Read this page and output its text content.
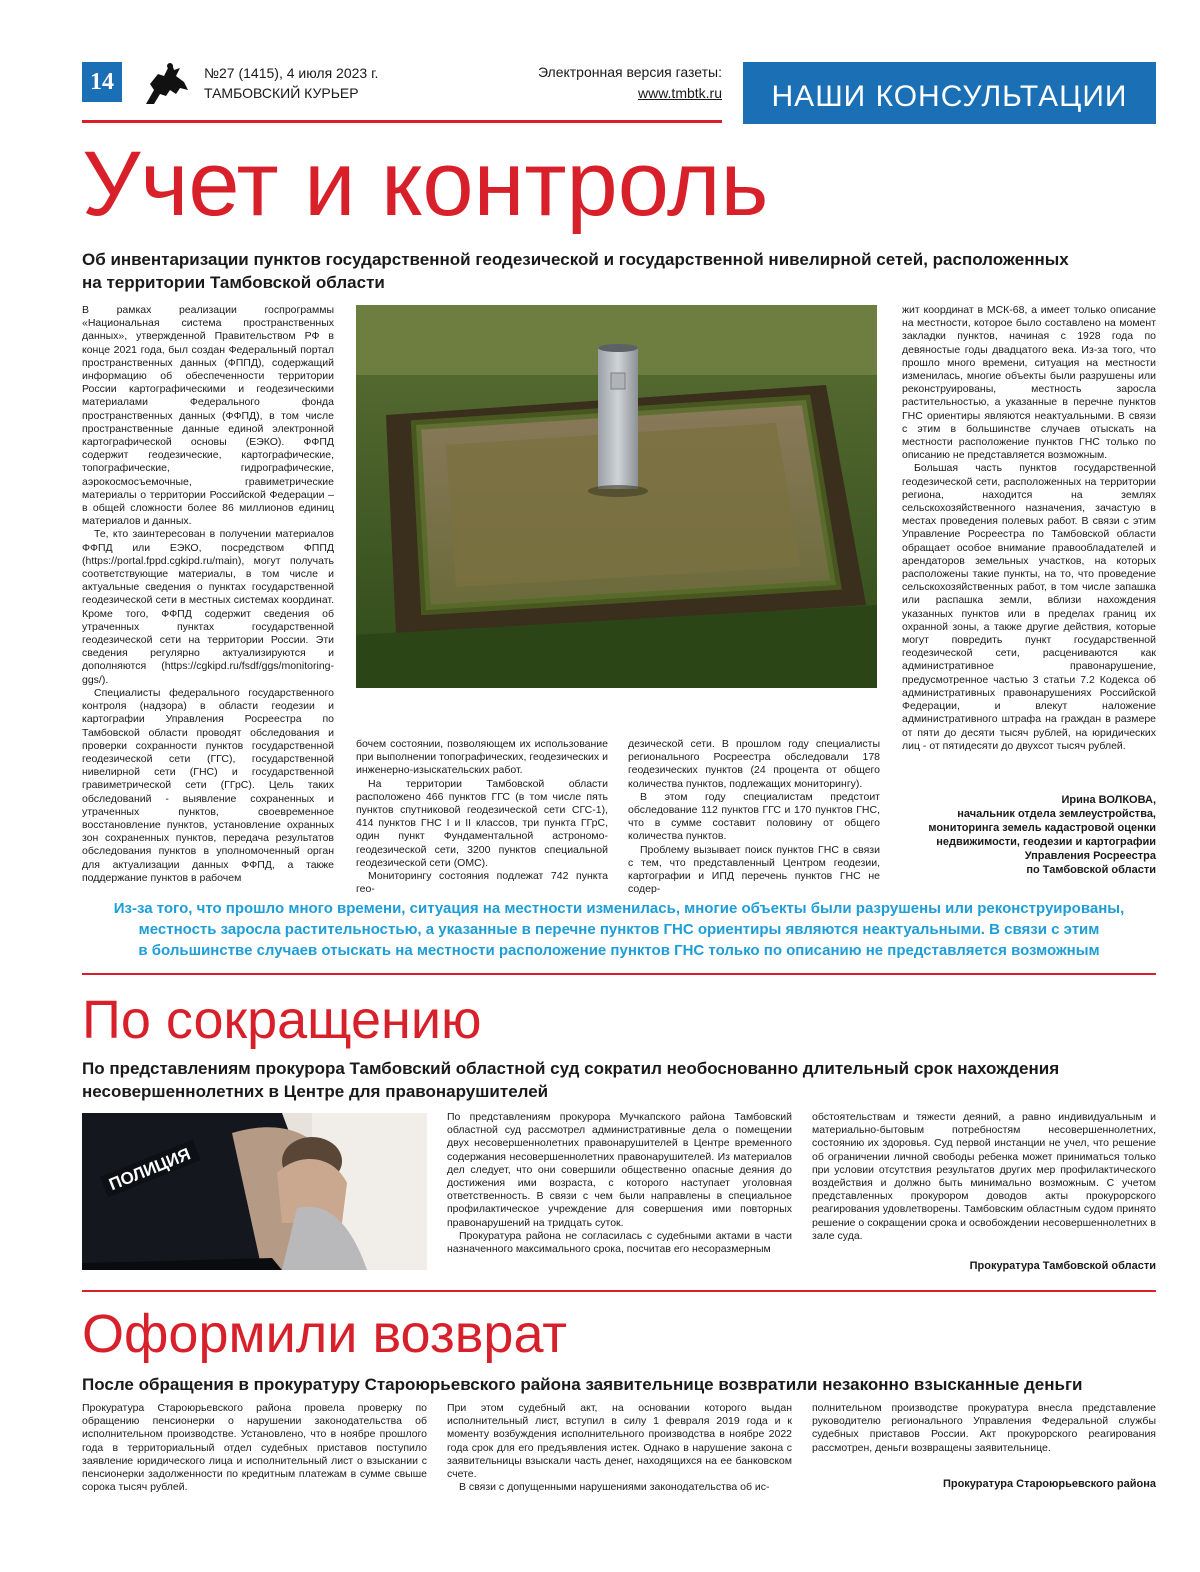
14	№27 (1415), 4 июля 2023 г.
ТАМБОВСКИЙ КУРЬЕР
Электронная версия газеты:
www.tmbtk.ru	НАШИ КОНСУЛЬТАЦИИ
Учет и контроль

Об инвентаризации пунктов государственной геодезической и государственной нивелирной сетей, расположенных

на территории Тамбовской области

В рамках реализации госпрограммы «Национальная система пространственных данных», утвержденной Правительством РФ в конце 2021 года, был создан Федеральный портал пространственных данных (ФППД), содержащий информацию об обеспеченности территории России картографическими и геодезическими материалами Федерального фонда пространственных данных (ФФПД), в том числе пространственные данные единой электронной картографической основы (ЕЭКО). ФФПД содержит геодезические, картографические, топографические, гидрографические, аэрокосмосъемочные, гравиметрические материалы о территории Российской Федерации – в общей сложности более 86 миллионов единиц материалов и данных.

Те, кто заинтересован в получении материалов ФФПД или ЕЭКО, посредством ФППД (https://portal.fppd.cgkipd.ru/main), могут получать соответствующие материалы, в том числе и актуальные сведения о пунктах государственной геодезической сети в местных системах координат. Кроме того, ФФПД содержит сведения об утраченных пунктах государственной геодезической сети на территории России. Эти сведения регулярно актуализируются и дополняются (https://cgkipd.ru/fsdf/ggs/monitoring-ggs/).

Специалисты федерального государственного контроля (надзора) в области геодезии и картографии Управления Росреестра по Тамбовской области проводят обследования и проверки сохранности пунктов государственной геодезической сети (ГГС), государственной нивелирной сети (ГНС) и государственной гравиметрической сети (ГГрС). Цель таких обследований - выявление сохраненных и утраченных пунктов, своевременное восстановление пунктов, установление охранных зон сохраненных пунктов, передача результатов обследования пунктов в уполномоченный орган для актуализации данных ФФПД, а также поддержание пунктов в рабочем

бочем состоянии, позволяющем их использование при выполнении топографических, геодезических и инженерно-изыскательских работ.

На территории Тамбовской области расположено 466 пунктов ГГС (в том числе пять пунктов спутниковой геодезической сети СГС-1), 414 пунктов ГНС I и II классов, три пункта ГГрС, один пункт Фундаментальной астрономо-геодезической сети, 3200 пунктов специальной геодезической сети (ОМС).

Мониторингу состояния подлежат 742 пункта гео-

дезической сети. В прошлом году специалисты регионального Росреестра обследовали 178 геодезических пунктов (24 процента от общего количества пунктов, подлежащих мониторингу).

В этом году специалистам предстоит обследование 112 пунктов ГГС и 170 пунктов ГНС, что в сумме составит половину от общего количества пунктов.

Проблему вызывает поиск пунктов ГНС в связи с тем, что представленный Центром геодезии, картографии и ИПД перечень пунктов ГНС не содер-

жит координат в МСК-68, а имеет только описание на местности, которое было составлено на момент закладки пунктов, начиная с 1928 года по девяностые годы двадцатого века. Из-за того, что прошло много времени, ситуация на местности изменилась, многие объекты были разрушены или реконструированы, местность заросла растительностью, а указанные в перечне пунктов ГНС ориентиры являются неактуальными. В связи с этим в большинстве случаев отыскать на местности расположение пунктов ГНС только по описанию не представляется возможным.

Большая часть пунктов государственной геодезической сети, расположенных на территории региона, находится на землях сельскохозяйственного назначения, зачастую в местах проведения полевых работ. В связи с этим Управление Росреестра по Тамбовской области обращает особое внимание правообладателей и арендаторов земельных участков, на которых расположены такие пункты, на то, что проведение сельскохозяйственных работ, в том числе запашка или распашка земли, вблизи нахождения указанных пунктов или в пределах границ их охранной зоны, а также другие действия, которые могут повредить пункт государственной геодезической сети, расцениваются как административное правонарушение, предусмотренное частью 3 статьи 7.2 Кодекса об административных правонарушениях Российской Федерации, и влекут наложение административного штрафа на граждан в размере от пяти до десяти тысяч рублей, на юридических лиц - от пятидесяти до двухсот тысяч рублей.

Ирина ВОЛКОВА,
начальник отдела землеустройства,
мониторинга земель кадастровой оценки
недвижимости, геодезии и картографии
Управления Росреестра
по Тамбовской области
Из-за того, что прошло много времени, ситуация на местности изменилась, многие объекты были разрушены или реконструированы,
местность заросла растительностью, а указанные в перечне пунктов ГНС ориентиры являются неактуальными. В связи с этим
в большинстве случаев отыскать на местности расположение пунктов ГНС только по описанию не представляется возможным
По сокращению

По представлениям прокурора Тамбовский областной суд сократил необоснованно длительный срок нахождения

несовершеннолетних в Центре для правонарушителей

ПОЛИЦИЯ

По представлениям прокурора Мучкапского района Тамбовский областной суд рассмотрел административные дела о помещении двух несовершеннолетних правонарушителей в Центре временного содержания несовершеннолетних правонарушителей. Из материалов дел следует, что они совершили общественно опасные деяния до достижения ими возраста, с которого наступает уголовная ответственность. В связи с чем были направлены в специальное профилактическое учреждение для совершения ими повторных правонарушений на тридцать суток.

Прокуратура района не согласилась с судебными актами в части назначенного максимального срока, посчитав его несоразмерным

обстоятельствам и тяжести деяний, а равно индивидуальным и материально-бытовым потребностям несовершеннолетних, состоянию их здоровья. Суд первой инстанции не учел, что решение об ограничении личной свободы ребенка может приниматься только при условии отсутствия результатов других мер профилактического воздействия и должно быть минимально возможным. С учетом представленных прокурором доводов акты прокурорского реагирования удовлетворены. Тамбовским областным судом принято решение о сокращении срока и освобождении несовершеннолетних в зале суда.

Прокуратура Тамбовской области
Оформили возврат

После обращения в прокуратуру Староюрьевского района заявительнице возвратили незаконно взысканные деньги

Прокуратура Староюрьевского района провела проверку по обращению пенсионерки о нарушении законодательства об исполнительном производстве. Установлено, что в ноябре прошлого года в территориальный отдел судебных приставов поступило заявление юридического лица и исполнительный лист о взыскании с пенсионерки задолженности по кредитным платежам в сумме свыше сорока тысяч рублей.

При этом судебный акт, на основании которого выдан исполнительный лист, вступил в силу 1 февраля 2019 года и к моменту возбуждения исполнительного производства в ноябре 2022 года срок для его предъявления истек. Однако в нарушение закона с заявительницы взыскали часть денег, находящихся на ее банковском счете.

В связи с допущенными нарушениями законодательства об ис-

полнительном производстве прокуратура внесла представление руководителю регионального Управления Федеральной службы судебных приставов России. Акт прокурорского реагирования рассмотрен, деньги возвращены заявительнице.

Прокуратура Староюрьевского района
